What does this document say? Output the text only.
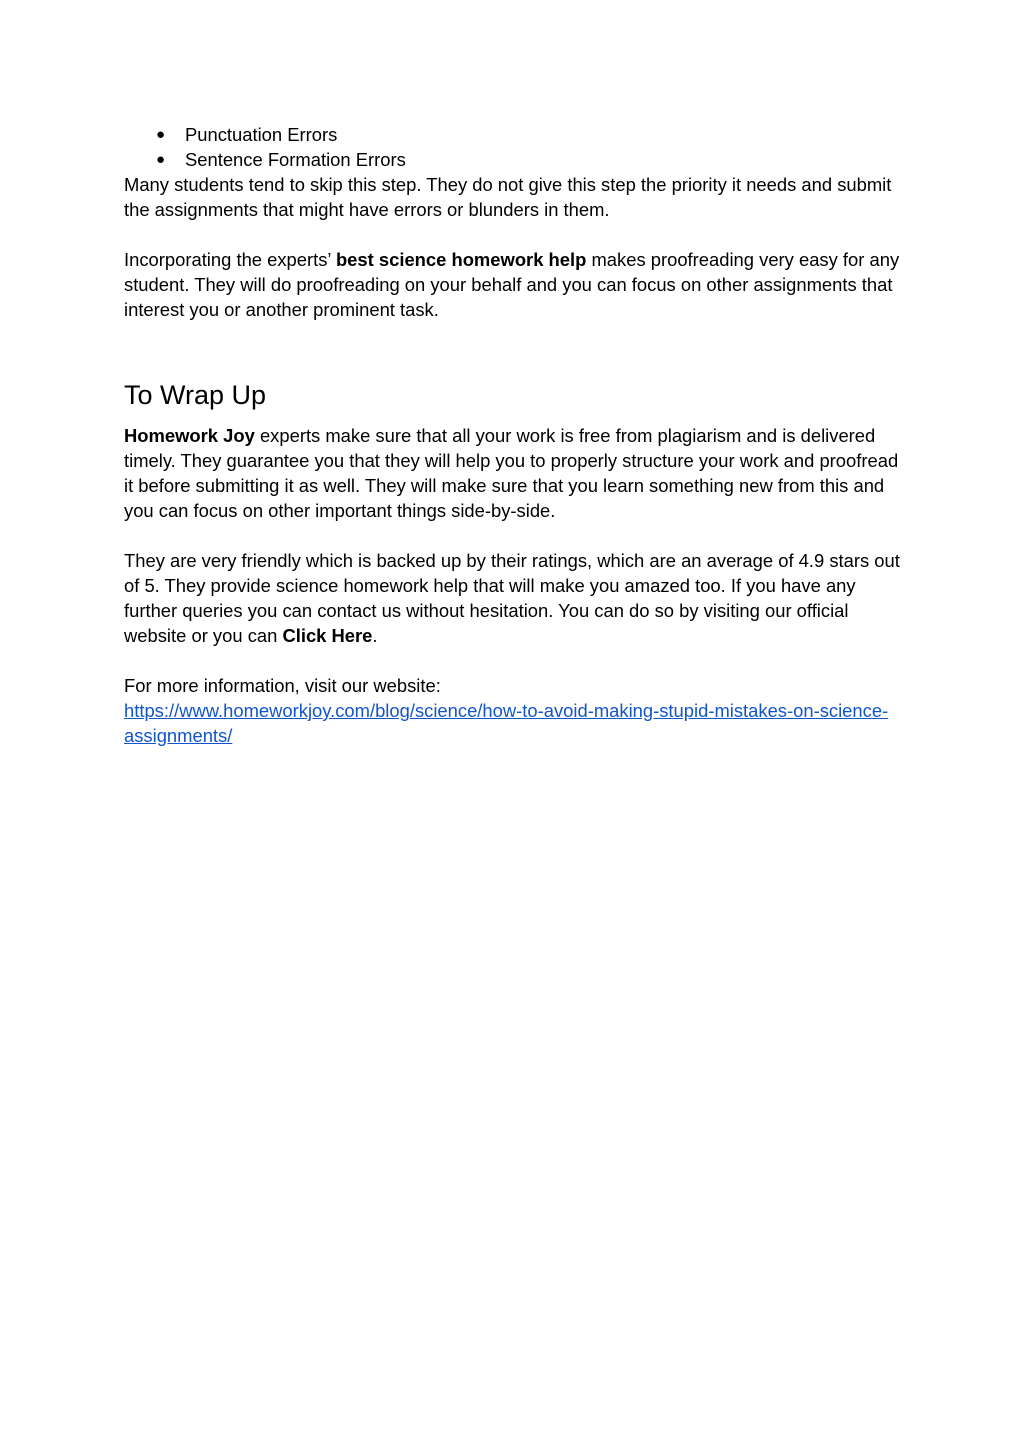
● Punctuation Errors
● Sentence Formation Errors

Many students tend to skip this step. They do not give this step the priority it needs and submit the assignments that might have errors or blunders in them.

Incorporating the experts’ best science homework help makes proofreading very easy for any student. They will do proofreading on your behalf and you can focus on other assignments that interest you or another prominent task.

To Wrap Up

Homework Joy experts make sure that all your work is free from plagiarism and is delivered timely. They guarantee you that they will help you to properly structure your work and proofread it before submitting it as well. They will make sure that you learn something new from this and you can focus on other important things side-by-side.

They are very friendly which is backed up by their ratings, which are an average of 4.9 stars out of 5. They provide science homework help that will make you amazed too. If you have any further queries you can contact us without hesitation. You can do so by visiting our official website or you can Click Here.

For more information, visit our website:

https://www.homeworkjoy.com/blog/science/how-to-avoid-making-stupid-mistakes-on-science-assignments/
